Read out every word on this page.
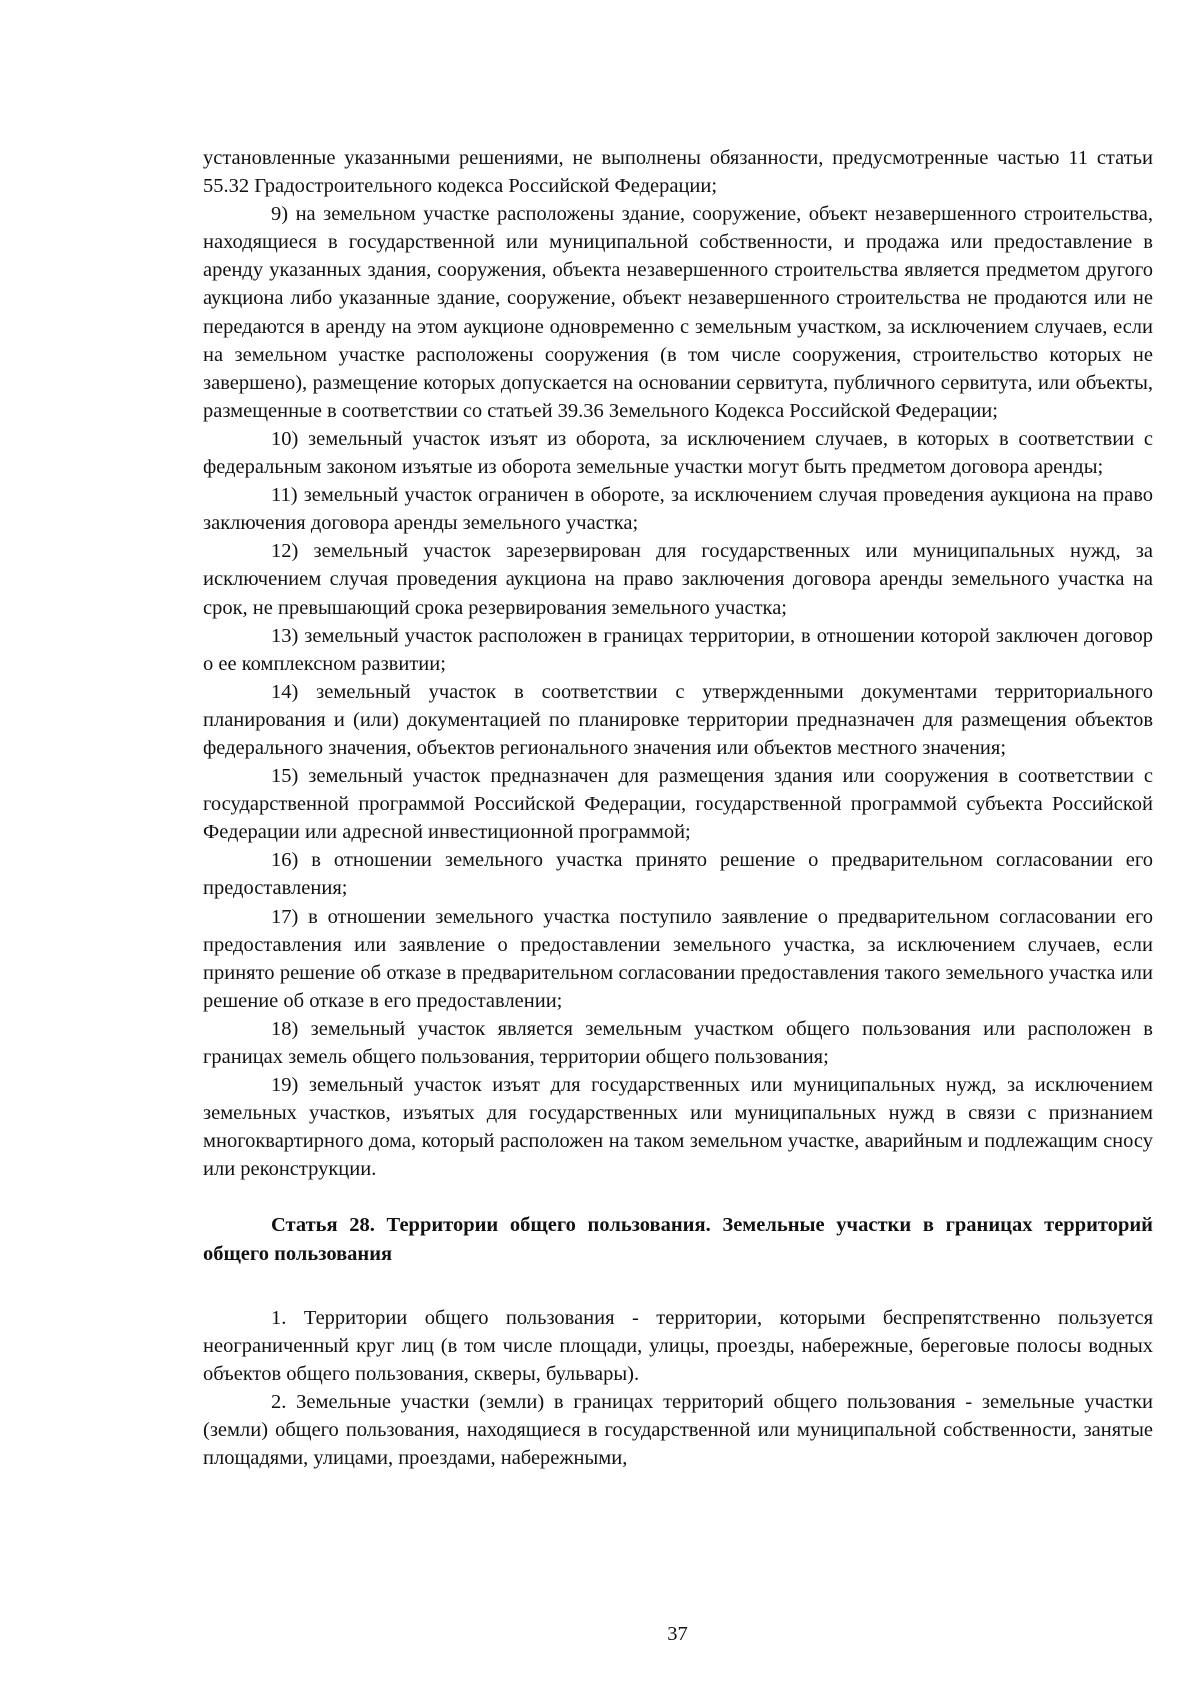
установленные указанными решениями, не выполнены обязанности, предусмотренные частью 11 статьи 55.32 Градостроительного кодекса Российской Федерации;

9) на земельном участке расположены здание, сооружение, объект незавершенного строительства, находящиеся в государственной или муниципальной собственности, и продажа или предоставление в аренду указанных здания, сооружения, объекта незавершенного строительства является предметом другого аукциона либо указанные здание, сооружение, объект незавершенного строительства не продаются или не передаются в аренду на этом аукционе одновременно с земельным участком, за исключением случаев, если на земельном участке расположены сооружения (в том числе сооружения, строительство которых не завершено), размещение которых допускается на основании сервитута, публичного сервитута, или объекты, размещенные в соответствии со статьей 39.36 Земельного Кодекса Российской Федерации;

10) земельный участок изъят из оборота, за исключением случаев, в которых в соответствии с федеральным законом изъятые из оборота земельные участки могут быть предметом договора аренды;

11) земельный участок ограничен в обороте, за исключением случая проведения аукциона на право заключения договора аренды земельного участка;

12) земельный участок зарезервирован для государственных или муниципальных нужд, за исключением случая проведения аукциона на право заключения договора аренды земельного участка на срок, не превышающий срока резервирования земельного участка;

13) земельный участок расположен в границах территории, в отношении которой заключен договор о ее комплексном развитии;

14) земельный участок в соответствии с утвержденными документами территориального планирования и (или) документацией по планировке территории предназначен для размещения объектов федерального значения, объектов регионального значения или объектов местного значения;

15) земельный участок предназначен для размещения здания или сооружения в соответствии с государственной программой Российской Федерации, государственной программой субъекта Российской Федерации или адресной инвестиционной программой;

16) в отношении земельного участка принято решение о предварительном согласовании его предоставления;

17) в отношении земельного участка поступило заявление о предварительном согласовании его предоставления или заявление о предоставлении земельного участка, за исключением случаев, если принято решение об отказе в предварительном согласовании предоставления такого земельного участка или решение об отказе в его предоставлении;

18) земельный участок является земельным участком общего пользования или расположен в границах земель общего пользования, территории общего пользования;

19) земельный участок изъят для государственных или муниципальных нужд, за исключением земельных участков, изъятых для государственных или муниципальных нужд в связи с признанием многоквартирного дома, который расположен на таком земельном участке, аварийным и подлежащим сносу или реконструкции.

Статья 28. Территории общего пользования. Земельные участки в границах территорий общего пользования

1. Территории общего пользования - территории, которыми беспрепятственно пользуется неограниченный круг лиц (в том числе площади, улицы, проезды, набережные, береговые полосы водных объектов общего пользования, скверы, бульвары).

2. Земельные участки (земли) в границах территорий общего пользования - земельные участки (земли) общего пользования, находящиеся в государственной или муниципальной собственности, занятые площадями, улицами, проездами, набережными,

37
